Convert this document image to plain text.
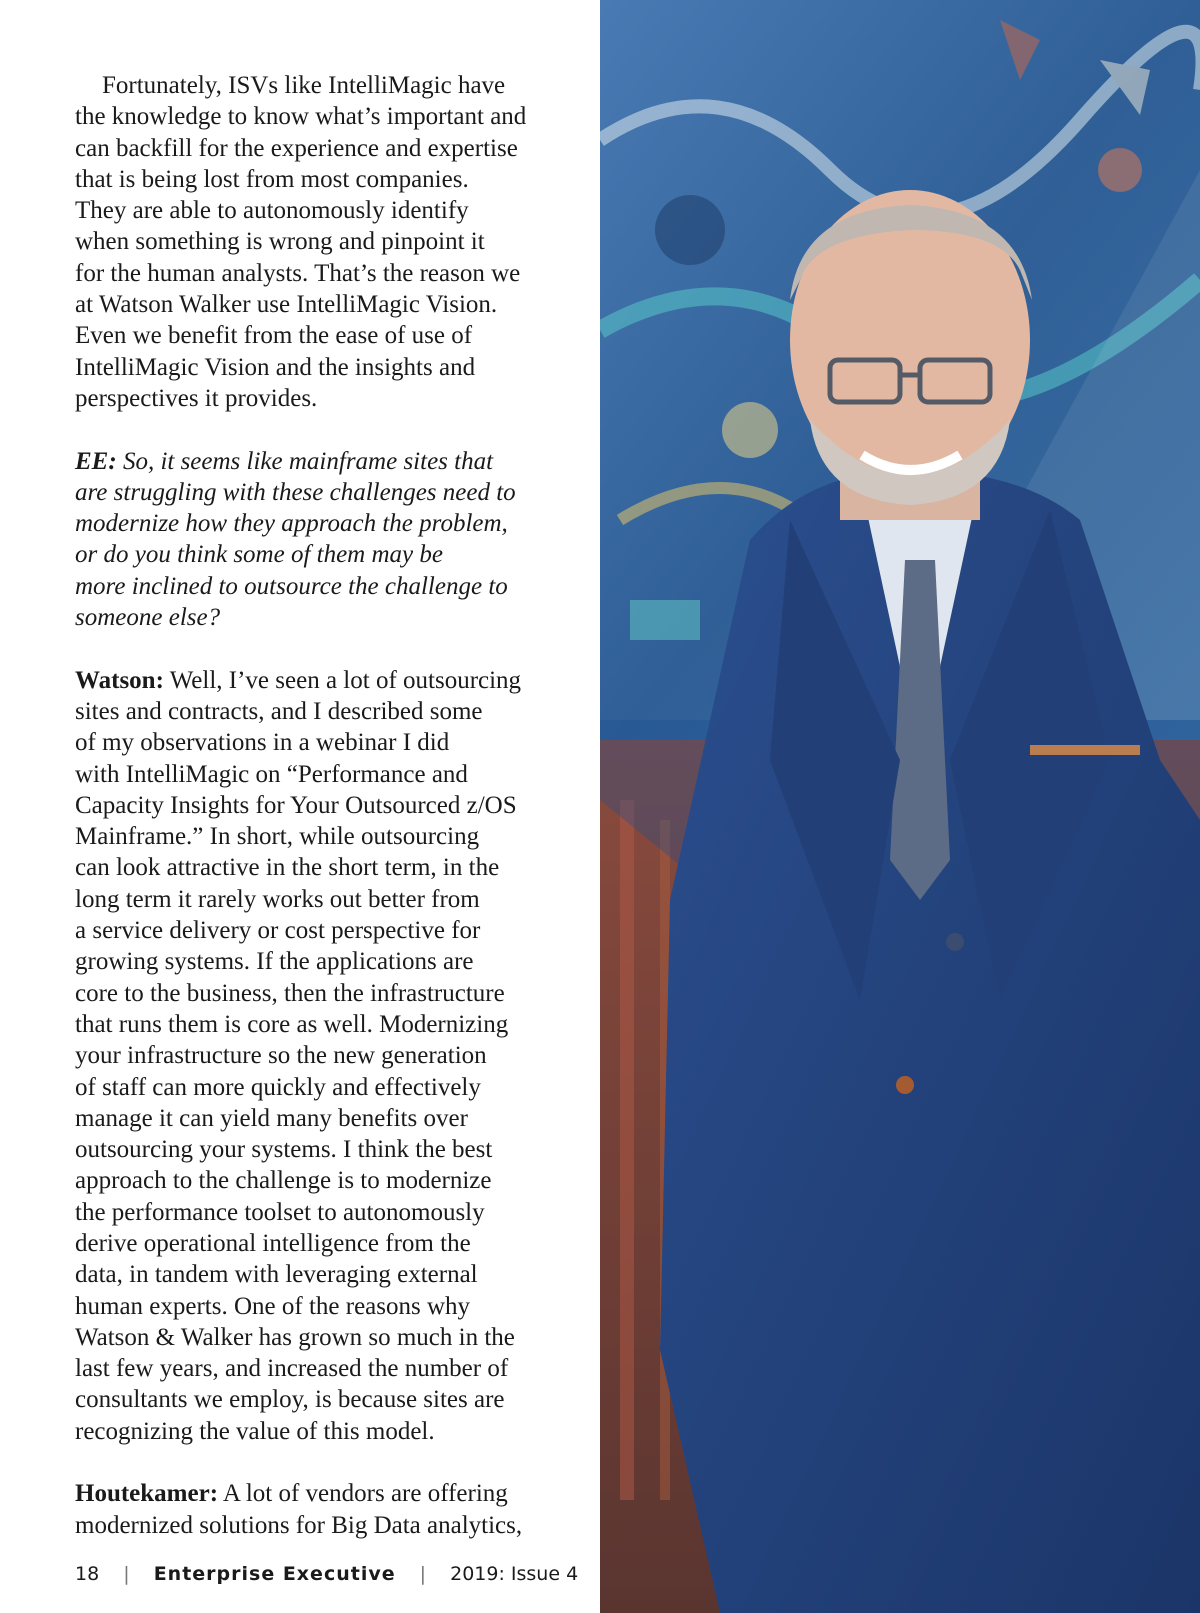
Fortunately, ISVs like IntelliMagic have

the knowledge to know what’s important and

can backfill for the experience and expertise

that is being lost from most companies.

They are able to autonomously identify

when something is wrong and pinpoint it

for the human analysts. That’s the reason we

at Watson Walker use IntelliMagic Vision.

Even we benefit from the ease of use of

IntelliMagic Vision and the insights and

perspectives it provides.

EE: So, it seems like mainframe sites that

are struggling with these challenges need to

modernize how they approach the problem,

or do you think some of them may be

more inclined to outsource the challenge to

someone else?

Watson: Well, I’ve seen a lot of outsourcing

sites and contracts, and I described some

of my observations in a webinar I did

with IntelliMagic on “Performance and

Capacity Insights for Your Outsourced z/OS

Mainframe.” In short, while outsourcing

can look attractive in the short term, in the

long term it rarely works out better from

a service delivery or cost perspective for

growing systems. If the applications are

core to the business, then the infrastructure

that runs them is core as well. Modernizing

your infrastructure so the new generation

of staff can more quickly and effectively

manage it can yield many benefits over

outsourcing your systems. I think the best

approach to the challenge is to modernize

the performance toolset to autonomously

derive operational intelligence from the

data, in tandem with leveraging external

human experts. One of the reasons why

Watson & Walker has grown so much in the

last few years, and increased the number of

consultants we employ, is because sites are

recognizing the value of this model.

Houtekamer: A lot of vendors are offering

modernized solutions for Big Data analytics,

18 | Enterprise Executive | 2019: Issue 4
